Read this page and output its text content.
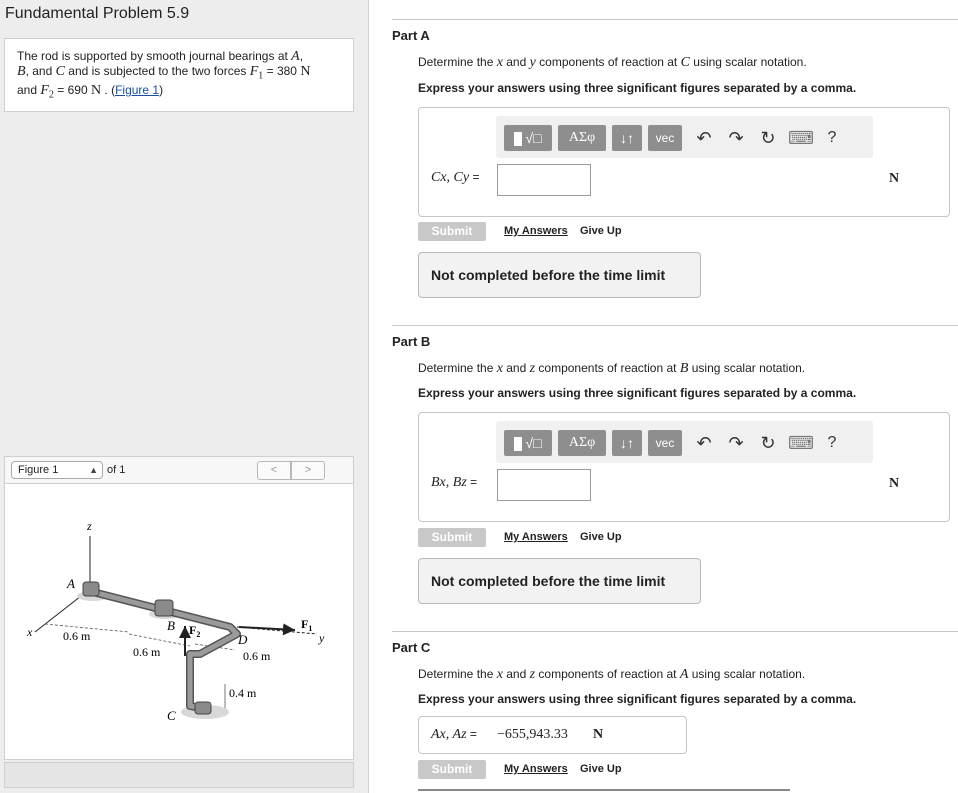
Fundamental Problem 5.9
The rod is supported by smooth journal bearings at A,
B, and C and is subjected to the two forces $F_1 = 380$ N
and $F_2 = 690$ N . (Figure 1)
Figure 1	▲ of 1	<	>
z
x	y
A
B
C
D
$F_1$
$F_2$
0.6 m
0.6 m	0.6 m
0.4 m
Part A
Determine the x and y components of reaction at C using scalar notation.
Express your answers using three significant figures separated by a comma.
√□	ΑΣφ	↓↑	vec	↶ ↷ ↻ ⌨ ?
Cx, Cy =	N
Submit	My Answers Give Up
Not completed before the time limit
Part B
Determine the x and z components of reaction at B using scalar notation.
Express your answers using three significant figures separated by a comma.
√□	ΑΣφ	↓↑	vec	↶ ↷ ↻ ⌨ ?
Bx, Bz =	N
Submit	My Answers Give Up
Not completed before the time limit
Part C
Determine the x and z components of reaction at A using scalar notation.
Express your answers using three significant figures separated by a comma.
Ax, Az = −655,943.33 N
Submit	My Answers Give Up
